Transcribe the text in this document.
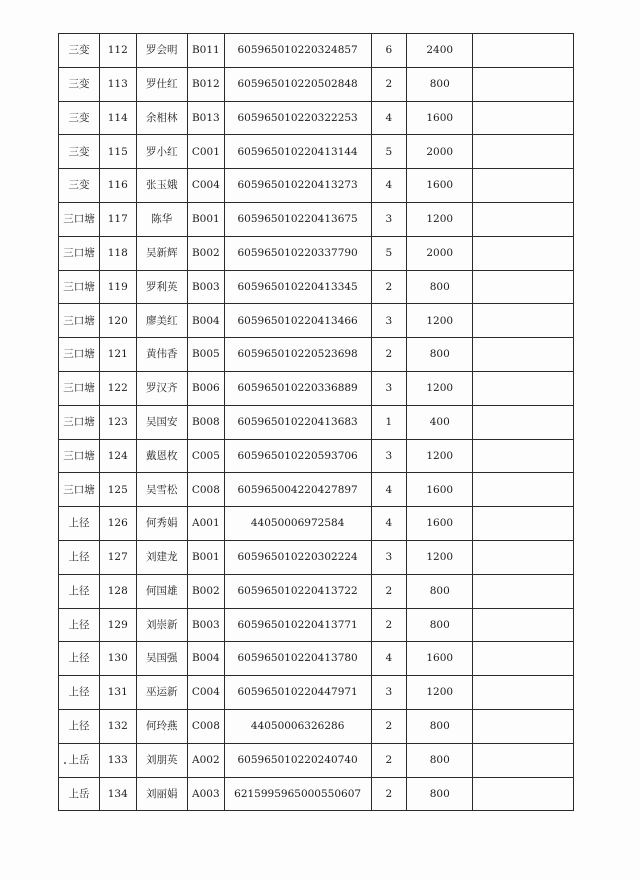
三变	112	罗会明	B011	605965010220324857	6	2400	
三变	113	罗仕红	B012	605965010220502848	2	800	
三变	114	余相林	B013	605965010220322253	4	1600	
三变	115	罗小红	C001	605965010220413144	5	2000	
三变	116	张玉娥	C004	605965010220413273	4	1600	
三口塘	117	陈华	B001	605965010220413675	3	1200	
三口塘	118	吴新辉	B002	605965010220337790	5	2000	
三口塘	119	罗利英	B003	605965010220413345	2	800	
三口塘	120	廖美红	B004	605965010220413466	3	1200	
三口塘	121	黄伟香	B005	605965010220523698	2	800	
三口塘	122	罗汉齐	B006	605965010220336889	3	1200	
三口塘	123	吴国安	B008	605965010220413683	1	400	
三口塘	124	戴恩枚	C005	605965010220593706	3	1200	
三口塘	125	吴雪松	C008	605965004220427897	4	1600	
上径	126	何秀娟	A001	44050006972584	4	1600	
上径	127	刘建龙	B001	605965010220302224	3	1200	
上径	128	何国雄	B002	605965010220413722	2	800	
上径	129	刘崇新	B003	605965010220413771	2	800	
上径	130	吴国强	B004	605965010220413780	4	1600	
上径	131	巫运新	C004	605965010220447971	3	1200	
上径	132	何玲燕	C008	44050006326286	2	800	
上岳	133	刘朋英	A002	605965010220240740	2	800	
上岳	134	刘丽娟	A003	6215995965000550607	2	800	
